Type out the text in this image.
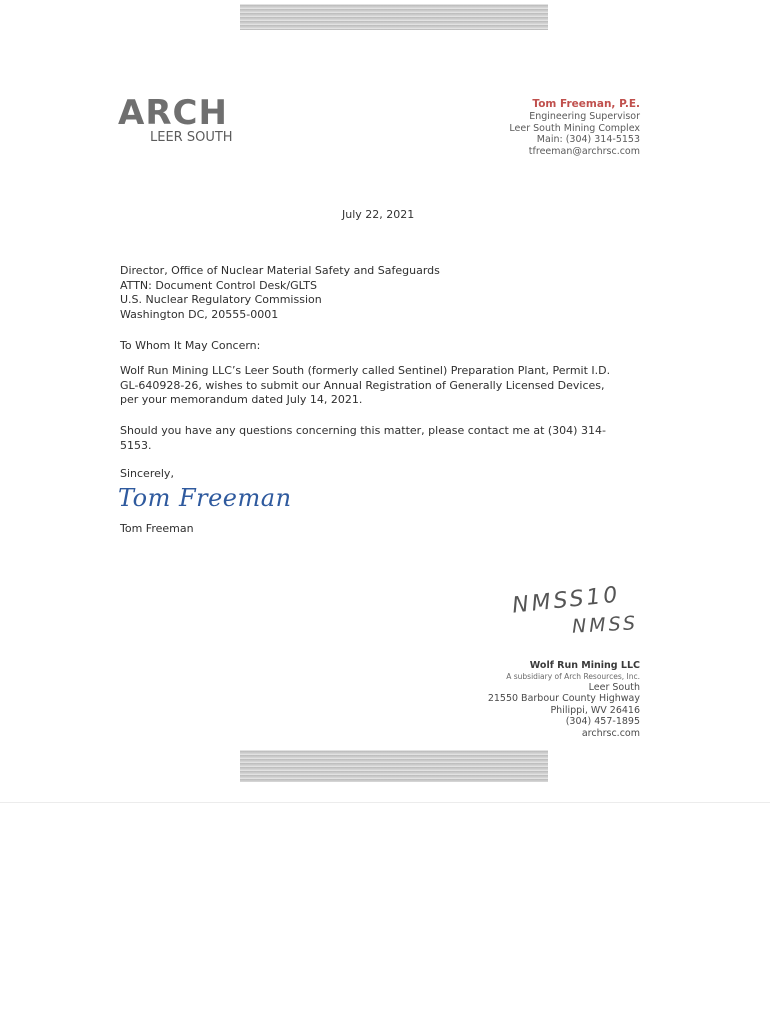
ARCH
LEER SOUTH
Tom Freeman, P.E.
Engineering Supervisor
Leer South Mining Complex
Main: (304) 314-5153
tfreeman@archrsc.com
July 22, 2021
Director, Office of Nuclear Material Safety and Safeguards
ATTN: Document Control Desk/GLTS
U.S. Nuclear Regulatory Commission
Washington DC, 20555-0001
To Whom It May Concern:
Wolf Run Mining LLC’s Leer South (formerly called Sentinel) Preparation Plant, Permit I.D.
GL-640928-26, wishes to submit our Annual Registration of Generally Licensed Devices,
per your memorandum dated July 14, 2021.
Should you have any questions concerning this matter, please contact me at (304) 314-
5153.
Sincerely,
Tom Freeman
Tom Freeman
NMSS10
NMSS
Wolf Run Mining LLC
A subsidiary of Arch Resources, Inc.
Leer South
21550 Barbour County Highway
Philippi, WV 26416
(304) 457-1895
archrsc.com
